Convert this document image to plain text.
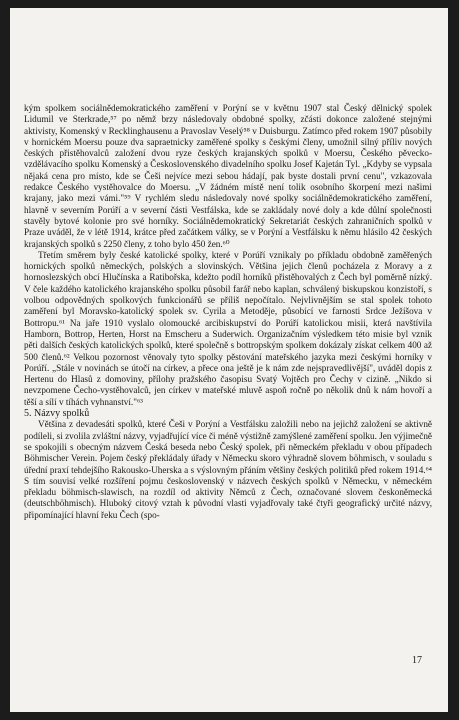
kým spolkem sociálnědemokratického zaměření v Porýní se v květnu 1907 stal Český dělnický spolek Lidumil ve Sterkrade,⁵⁷ po němž brzy následovaly obdobné spolky, zčásti dokonce založené stejnými aktivisty, Komenský v Recklinghausenu a Pravoslav Veselý⁵⁸ v Duisburgu. Zatímco před rokem 1907 působily v hornickém Moersu pouze dva sapraetnicky zaměřené spolky s českými členy, umožnil silný příliv nových českých přistěhovalců založení dvou ryze českých krajanských spolků v Moersu, Českého pěvecko-vzdělávacího spolku Komenský a Československého divadelního spolku Josef Kajetán Tyl. „Kdyby se vypsala nějaká cena pro místo, kde se Češi nejvíce mezi sebou hádají, pak byste dostali první cenu", vzkazovala redakce Českého vystěhovalce do Moersu. „V žádném místě není tolik osobního škorpení mezi našimi krajany, jako mezi vámi."⁵⁹ V rychlém sledu následovaly nové spolky sociálnědemokratického zaměření, hlavně v severním Porúří a v severní části Vestfálska, kde se zakládaly nové doly a kde důlní společnosti stavěly bytové kolonie pro své horníky. Sociálnědemokratický Sekretariát českých zahraničních spolků v Praze uváděl, že v létě 1914, krátce před začátkem války, se v Porýní a Vestfálsku k němu hlásilo 42 českých krajanských spolků s 2250 členy, z toho bylo 450 žen.⁶⁰

Třetím směrem byly české katolické spolky, které v Porúří vznikaly po příkladu obdobně zaměřených hornických spolků německých, polských a slovinských. Většina jejich členů pocházela z Moravy a z hornoslezských obcí Hlučínska a Ratibořska, kdežto podíl horníků přistěhovalých z Čech byl poměrně nízký. V čele každého katolického krajanského spolku působil farář nebo kaplan, schválený biskupskou konzistoří, s volbou odpovědných spolkových funkcionářů se příliš nepočítalo. Nejvlivnějším se stal spolek tohoto zaměření byl Moravsko-katolický spolek sv. Cyrila a Metoděje, působící ve farnosti Srdce Ježíšova v Bottropu.⁶¹ Na jaře 1910 vyslalo olomoucké arcibiskupství do Porúří katolickou misii, která navštívila Hamborn, Bottrop, Herten, Horst na Emscheru a Suderwich. Organizačním výsledkem této misie byl vznik pěti dalších českých katolických spolků, které společně s bottropským spolkem dokázaly získat celkem 400 až 500 členů.⁶² Velkou pozornost věnovaly tyto spolky pěstování mateřského jazyka mezi českými horníky v Porúří. „Stále v novinách se útočí na církev, a přece ona ještě je k nám zde nejspravedlivější", uváděl dopis z Hertenu do Hlasů z domoviny, přílohy pražského časopisu Svatý Vojtěch pro Čechy v cizině. „Nikdo si nevzpomene Čecho-vystěhovalců, jen církev v mateřské mluvě aspoň ročně po několik dnů k nám hovoří a těší a sílí v tíhách vyhnanství."⁶³

5. Názvy spolků

Většina z devadesáti spolků, které Češi v Porýní a Vestfálsku založili nebo na jejichž založení se aktivně podíleli, si zvolila zvláštní názvy, vyjadřující více či méně výstižně zamýšlené zaměření spolku. Jen výjimečně se spokojili s obecným názvem Česká beseda nebo Český spolek, při německém překladu v obou případech Böhmischer Verein. Pojem český překládaly úřady v Německu skoro výhradně slovem böhmisch, v souladu s úřední praxí tehdejšího Rakousko-Uherska a s výslovným přáním většiny českých politiků před rokem 1914.⁶⁴ S tím souvisí velké rozšíření pojmu československý v názvech českých spolků v Německu, v německém překladu böhmisch-slawisch, na rozdíl od aktivity Němců z Čech, označované slovem českoněmecká (deutschböhmisch). Hluboký citový vztah k původní vlasti vyjadřovaly také čtyři geografický určité názvy, připomínající hlavní řeku Čech (spo-

17
